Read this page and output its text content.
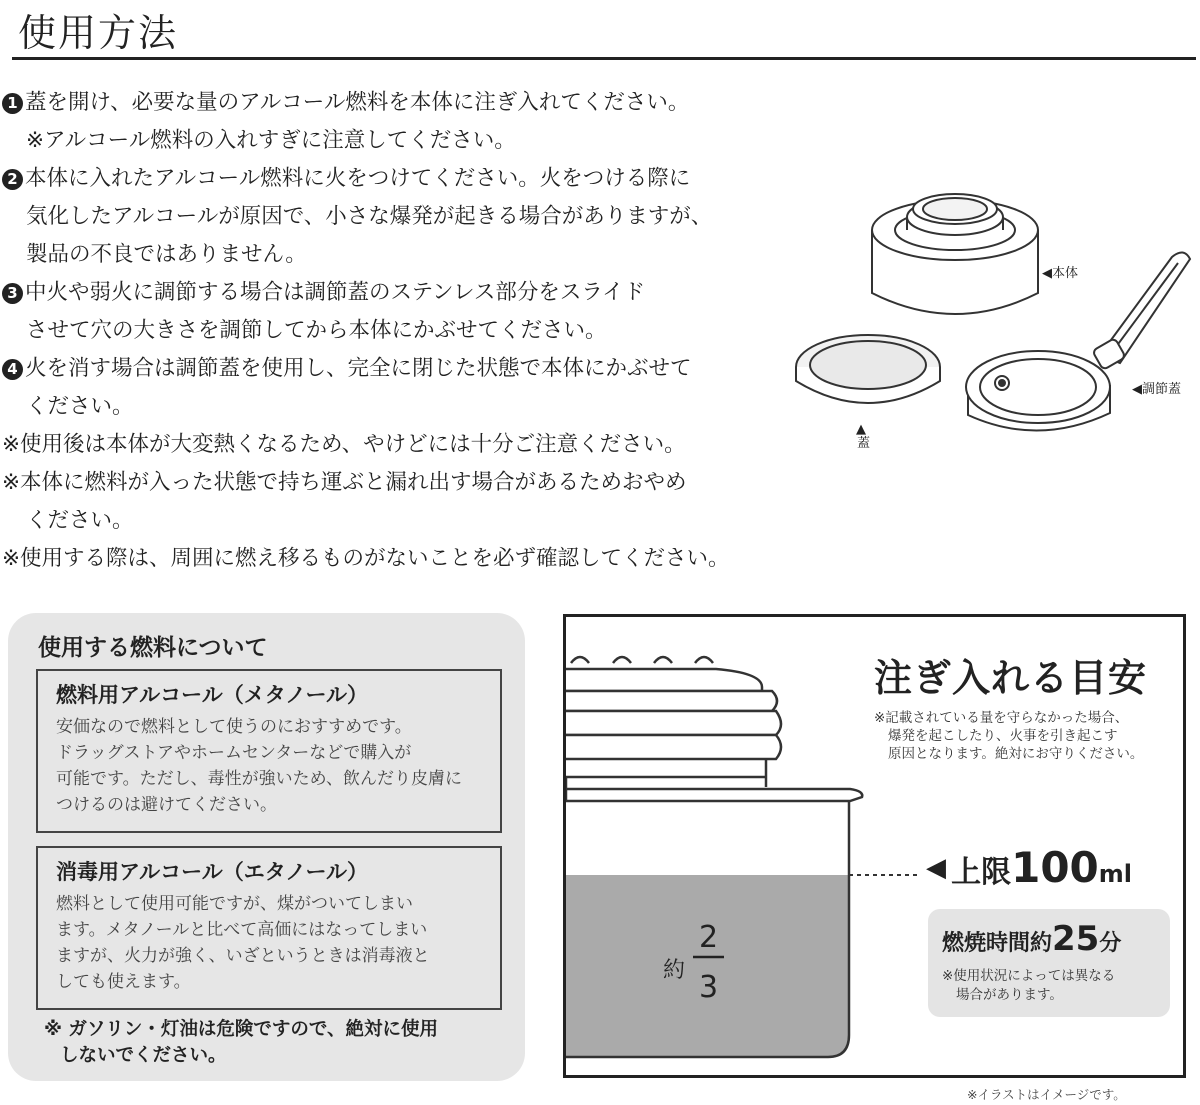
使用方法
1 蓋を開け、必要な量のアルコール燃料を本体に注ぎ入れてください。
※アルコール燃料の入れすぎに注意してください。
2 本体に入れたアルコール燃料に火をつけてください。火をつける際に
気化したアルコールが原因で、小さな爆発が起きる場合がありますが、
製品の不良ではありません。
3 中火や弱火に調節する場合は調節蓋のステンレス部分をスライド
させて穴の大きさを調節してから本体にかぶせてください。
4 火を消す場合は調節蓋を使用し、完全に閉じた状態で本体にかぶせて
ください。
※使用後は本体が大変熱くなるため、やけどには十分ご注意ください。
※本体に燃料が入った状態で持ち運ぶと漏れ出す場合があるためおやめ
ください。
※使用する際は、周囲に燃え移るものがないことを必ず確認してください。
◀本体
◀調節蓋
▲
蓋
使用する燃料について
燃料用アルコール（メタノール）
安価なので燃料として使うのにおすすめです。
ドラッグストアやホームセンターなどで購入が
可能です。ただし、毒性が強いため、飲んだり皮膚に
つけるのは避けてください。
消毒用アルコール（エタノール）
燃料として使用可能ですが、煤がついてしまい
ます。メタノールと比べて高価にはなってしまい
ますが、火力が強く、いざというときは消毒液と
しても使えます。
※ ガソリン・灯油は危険ですので、絶対に使用
しないでください。
約
2
3
注ぎ入れる目安
※記載されている量を守らなかった場合、
爆発を起こしたり、火事を引き起こす
原因となります。絶対にお守りください。
◀ 上限100ml
燃焼時間約25分
※使用状況によっては異なる
場合があります。
※イラストはイメージです。
